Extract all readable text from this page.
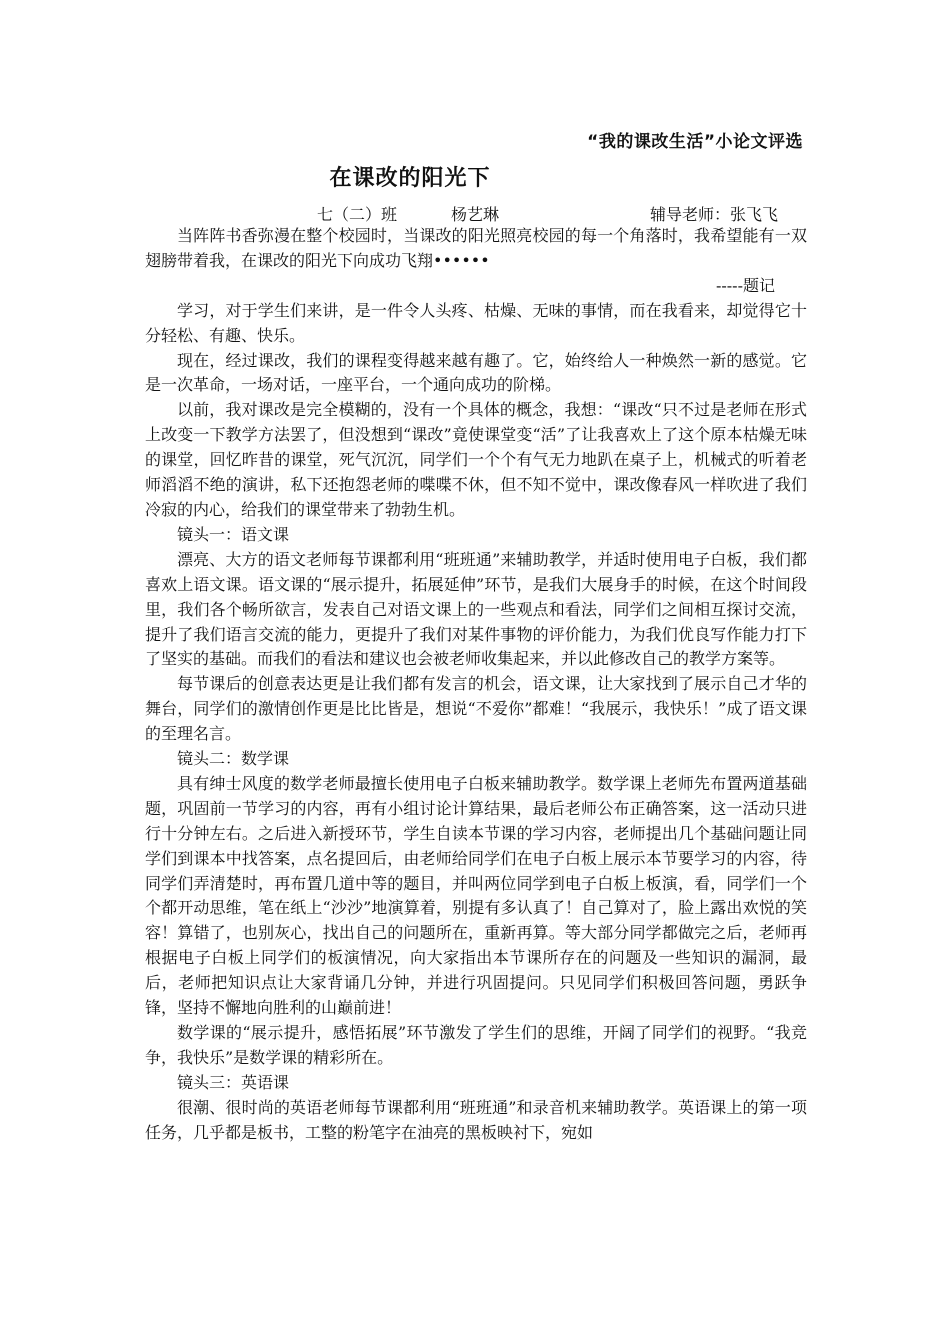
“我的课改生活”小论文评选
在课改的阳光下
七（二）班	杨艺琳	辅导老师：张飞飞

当阵阵书香弥漫在整个校园时，当课改的阳光照亮校园的每一个角落时，我希望能有一双翅膀带着我，在课改的阳光下向成功飞翔••••••

-----题记

学习，对于学生们来讲，是一件令人头疼、枯燥、无味的事情，而在我看来，却觉得它十分轻松、有趣、快乐。

现在，经过课改，我们的课程变得越来越有趣了。它，始终给人一种焕然一新的感觉。它是一次革命，一场对话，一座平台，一个通向成功的阶梯。

以前，我对课改是完全模糊的，没有一个具体的概念，我想：“课改“只不过是老师在形式上改变一下教学方法罢了，但没想到“课改”竟使课堂变“活”了让我喜欢上了这个原本枯燥无味的课堂，回忆昨昔的课堂，死气沉沉，同学们一个个有气无力地趴在桌子上，机械式的听着老师滔滔不绝的演讲，私下还抱怨老师的喋喋不休，但不知不觉中，课改像春风一样吹进了我们冷寂的内心，给我们的课堂带来了勃勃生机。

镜头一：语文课

漂亮、大方的语文老师每节课都利用“班班通”来辅助教学，并适时使用电子白板，我们都喜欢上语文课。语文课的“展示提升，拓展延伸”环节，是我们大展身手的时候，在这个时间段里，我们各个畅所欲言，发表自己对语文课上的一些观点和看法，同学们之间相互探讨交流，提升了我们语言交流的能力，更提升了我们对某件事物的评价能力，为我们优良写作能力打下了坚实的基础。而我们的看法和建议也会被老师收集起来，并以此修改自己的教学方案等。

每节课后的创意表达更是让我们都有发言的机会，语文课，让大家找到了展示自己才华的舞台，同学们的激情创作更是比比皆是，想说“不爱你”都难！“我展示，我快乐！”成了语文课的至理名言。

镜头二：数学课

具有绅士风度的数学老师最擅长使用电子白板来辅助教学。数学课上老师先布置两道基础题，巩固前一节学习的内容，再有小组讨论计算结果，最后老师公布正确答案，这一活动只进行十分钟左右。之后进入新授环节，学生自读本节课的学习内容，老师提出几个基础问题让同学们到课本中找答案，点名提回后，由老师给同学们在电子白板上展示本节要学习的内容，待同学们弄清楚时，再布置几道中等的题目，并叫两位同学到电子白板上板演，看，同学们一个个都开动思维，笔在纸上“沙沙”地演算着，别提有多认真了！自己算对了，脸上露出欢悦的笑容！算错了，也别灰心，找出自己的问题所在，重新再算。等大部分同学都做完之后，老师再根据电子白板上同学们的板演情况，向大家指出本节课所存在的问题及一些知识的漏洞，最后，老师把知识点让大家背诵几分钟，并进行巩固提问。只见同学们积极回答问题，勇跃争锋，坚持不懈地向胜利的山巅前进！

数学课的“展示提升，感悟拓展”环节激发了学生们的思维，开阔了同学们的视野。“我竞争，我快乐”是数学课的精彩所在。

镜头三：英语课

很潮、很时尚的英语老师每节课都利用“班班通”和录音机来辅助教学。英语课上的第一项任务，几乎都是板书，工整的粉笔字在油亮的黑板映衬下，宛如
